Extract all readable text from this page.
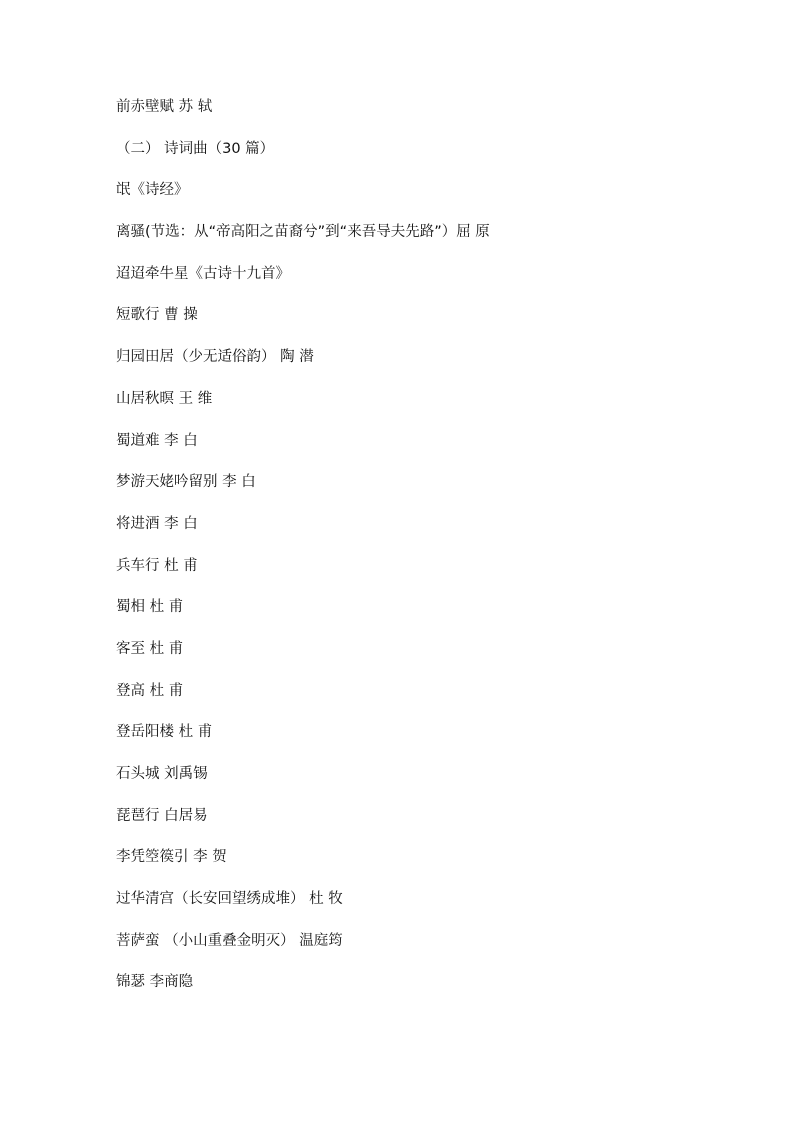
前赤壁赋 苏 轼
（二） 诗词曲（30 篇）
氓《诗经》
离骚(节选：从“帝高阳之苗裔兮”到“来吾导夫先路”）屈 原
迢迢牵牛星《古诗十九首》
短歌行 曹 操
归园田居（少无适俗韵） 陶 潜
山居秋暝 王 维
蜀道难 李 白
梦游天姥吟留别 李 白
将进酒 李 白
兵车行 杜 甫
蜀相 杜 甫
客至 杜 甫
登高 杜 甫
登岳阳楼 杜 甫
石头城 刘禹锡
琵琶行 白居易
李凭箜篌引 李 贺
过华清宫（长安回望绣成堆） 杜 牧
菩萨蛮 （小山重叠金明灭） 温庭筠
锦瑟 李商隐
